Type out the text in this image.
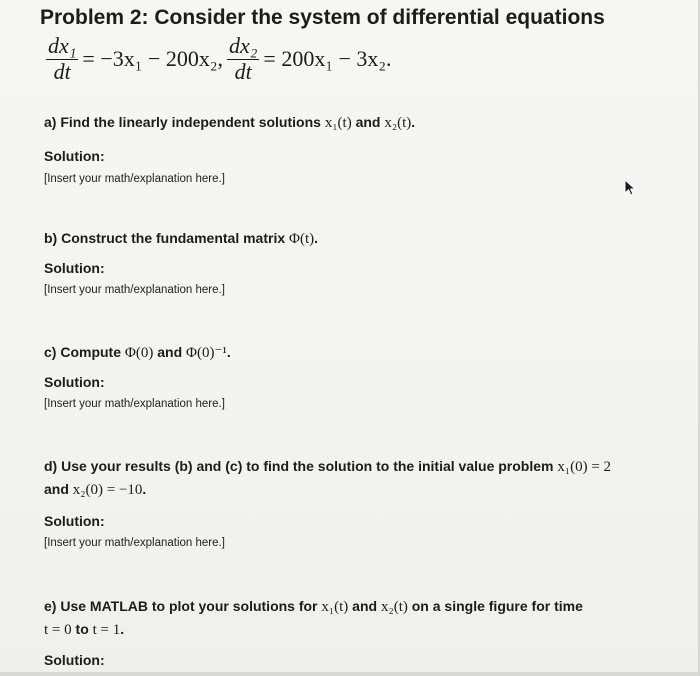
Problem 2: Consider the system of differential equations
$\frac{\text{dx₁}}{dt} = -3x_1 - 200x_2$, $\frac{\text{dx₂}}{dt} = 200x_1 - 3x_2$.
a) Find the linearly independent solutions x₁(t) and x₂(t).
Solution:
[Insert your math/explanation here.]
b) Construct the fundamental matrix Φ(t).
Solution:
[Insert your math/explanation here.]
c) Compute Φ(0) and Φ(0)⁻¹.
Solution:
[Insert your math/explanation here.]
d) Use your results (b) and (c) to find the solution to the initial value problem x₁(0) = 2
and x₂(0) = −10.
Solution:
[Insert your math/explanation here.]
e) Use MATLAB to plot your solutions for x₁(t) and x₂(t) on a single figure for time
t = 0 to t = 1.
Solution:
